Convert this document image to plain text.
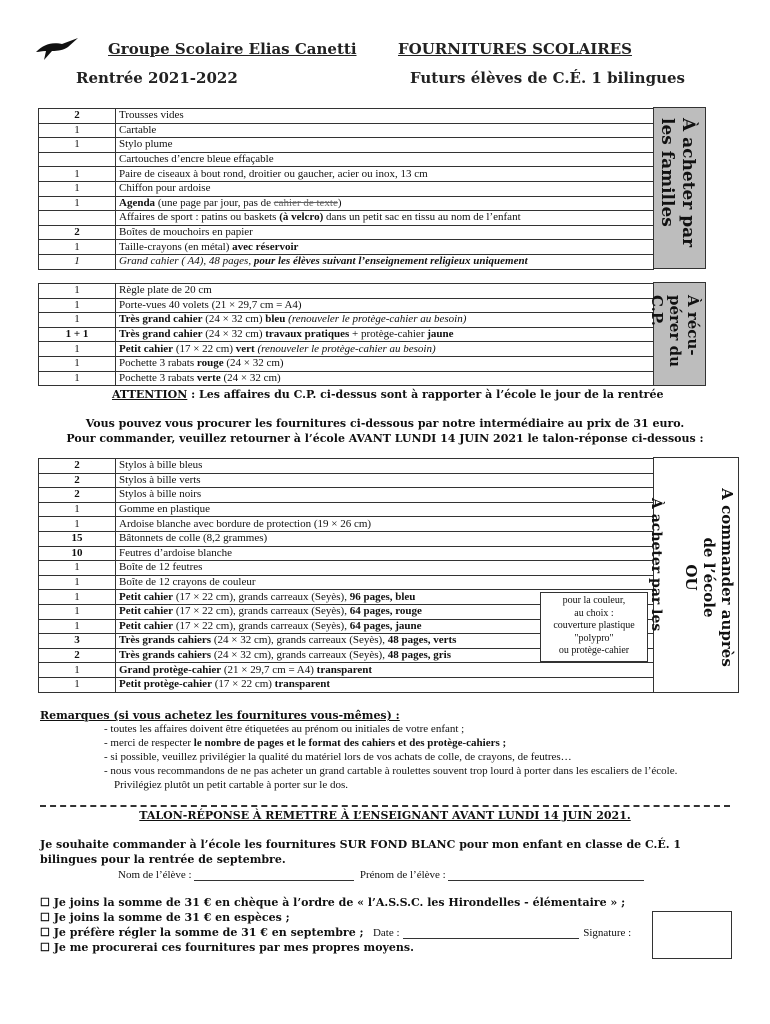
Groupe Scolaire Elias Canetti	FOURNITURES SCOLAIRES
Rentrée 2021-2022	Futurs élèves de C.É. 1 bilingues
2	Trousses vides
1	Cartable
1	Stylo plume
	Cartouches d’encre bleue effaçable
1	Paire de ciseaux à bout rond, droitier ou gaucher, acier ou inox, 13 cm
1	Chiffon pour ardoise
1	Agenda (une page par jour, pas de cahier de texte)
	Affaires de sport : patins ou baskets (à velcro) dans un petit sac en tissu au nom de l’enfant
2	Boîtes de mouchoirs en papier
1	Taille-crayons (en métal) avec réservoir
1	Grand cahier ( A4), 48 pages, pour les élèves suivant l’enseignement religieux uniquement
À acheter par
les familles
1	Règle plate de 20 cm
1	Porte-vues 40 volets (21 × 29,7 cm = A4)
1	Très grand cahier (24 × 32 cm) bleu (renouveler le protège-cahier au besoin)
1 + 1	Très grand cahier (24 × 32 cm) travaux pratiques + protège-cahier jaune
1	Petit cahier (17 × 22 cm) vert (renouveler le protège-cahier au besoin)
1	Pochette 3 rabats rouge (24 × 32 cm)
1	Pochette 3 rabats verte (24 × 32 cm)
À récu-
pérer du
C.P.
ATTENTION : Les affaires du C.P. ci-dessus sont à rapporter à l’école le jour de la rentrée
Vous pouvez vous procurer les fournitures ci-dessous par notre intermédiaire au prix de 31 euro.
Pour commander, veuillez retourner à l’école AVANT LUNDI 14 JUIN 2021 le talon-réponse ci-dessous :
2	Stylos à bille bleus
2	Stylos à bille verts
2	Stylos à bille noirs
1	Gomme en plastique
1	Ardoise blanche avec bordure de protection (19 × 26 cm)
15	Bâtonnets de colle (8,2 grammes)
10	Feutres d’ardoise blanche
1	Boîte de 12 feutres
1	Boîte de 12 crayons de couleur
1	Petit cahier (17 × 22 cm), grands carreaux (Seyès), 96 pages, bleu
1	Petit cahier (17 × 22 cm), grands carreaux (Seyès), 64 pages, rouge
1	Petit cahier (17 × 22 cm), grands carreaux (Seyès), 64 pages, jaune
3	Très grands cahiers (24 × 32 cm), grands carreaux (Seyès), 48 pages, verts
2	Très grands cahiers (24 × 32 cm), grands carreaux (Seyès), 48 pages, gris
1	Grand protège-cahier (21 × 29,7 cm = A4) transparent
1	Petit protège-cahier (17 × 22 cm) transparent
A commander auprès
de l’école
OU
À acheter par les
pour la couleur,
au choix :
couverture plastique
"polypro"
ou protège-cahier
Remarques (si vous achetez les fournitures vous-mêmes) :
- toutes les affaires doivent être étiquetées au prénom ou initiales de votre enfant ;
- merci de respecter le nombre de pages et le format des cahiers et des protège-cahiers ;
- si possible, veuillez privilégier la qualité du matériel lors de vos achats de colle, de crayons, de feutres…
- nous vous recommandons de ne pas acheter un grand cartable à roulettes souvent trop lourd à porter dans les escaliers de l’école. Privilégiez plutôt un petit cartable à porter sur le dos.
TALON-RÉPONSE À REMETTRE À L’ENSEIGNANT AVANT LUNDI 14 JUIN 2021.
Je souhaite commander à l’école les fournitures SUR FOND BLANC pour mon enfant en classe de C.É. 1 bilingues pour la rentrée de septembre.
Nom de l’élève :	Prénom de l’élève :
☐ Je joins la somme de 31 € en chèque à l’ordre de « l’A.S.S.C. les Hirondelles - élémentaire » ;
☐ Je joins la somme de 31 € en espèces ;
☐ Je préfère régler la somme de 31 € en septembre ; Date :	Signature :
☐ Je me procurerai ces fournitures par mes propres moyens.
